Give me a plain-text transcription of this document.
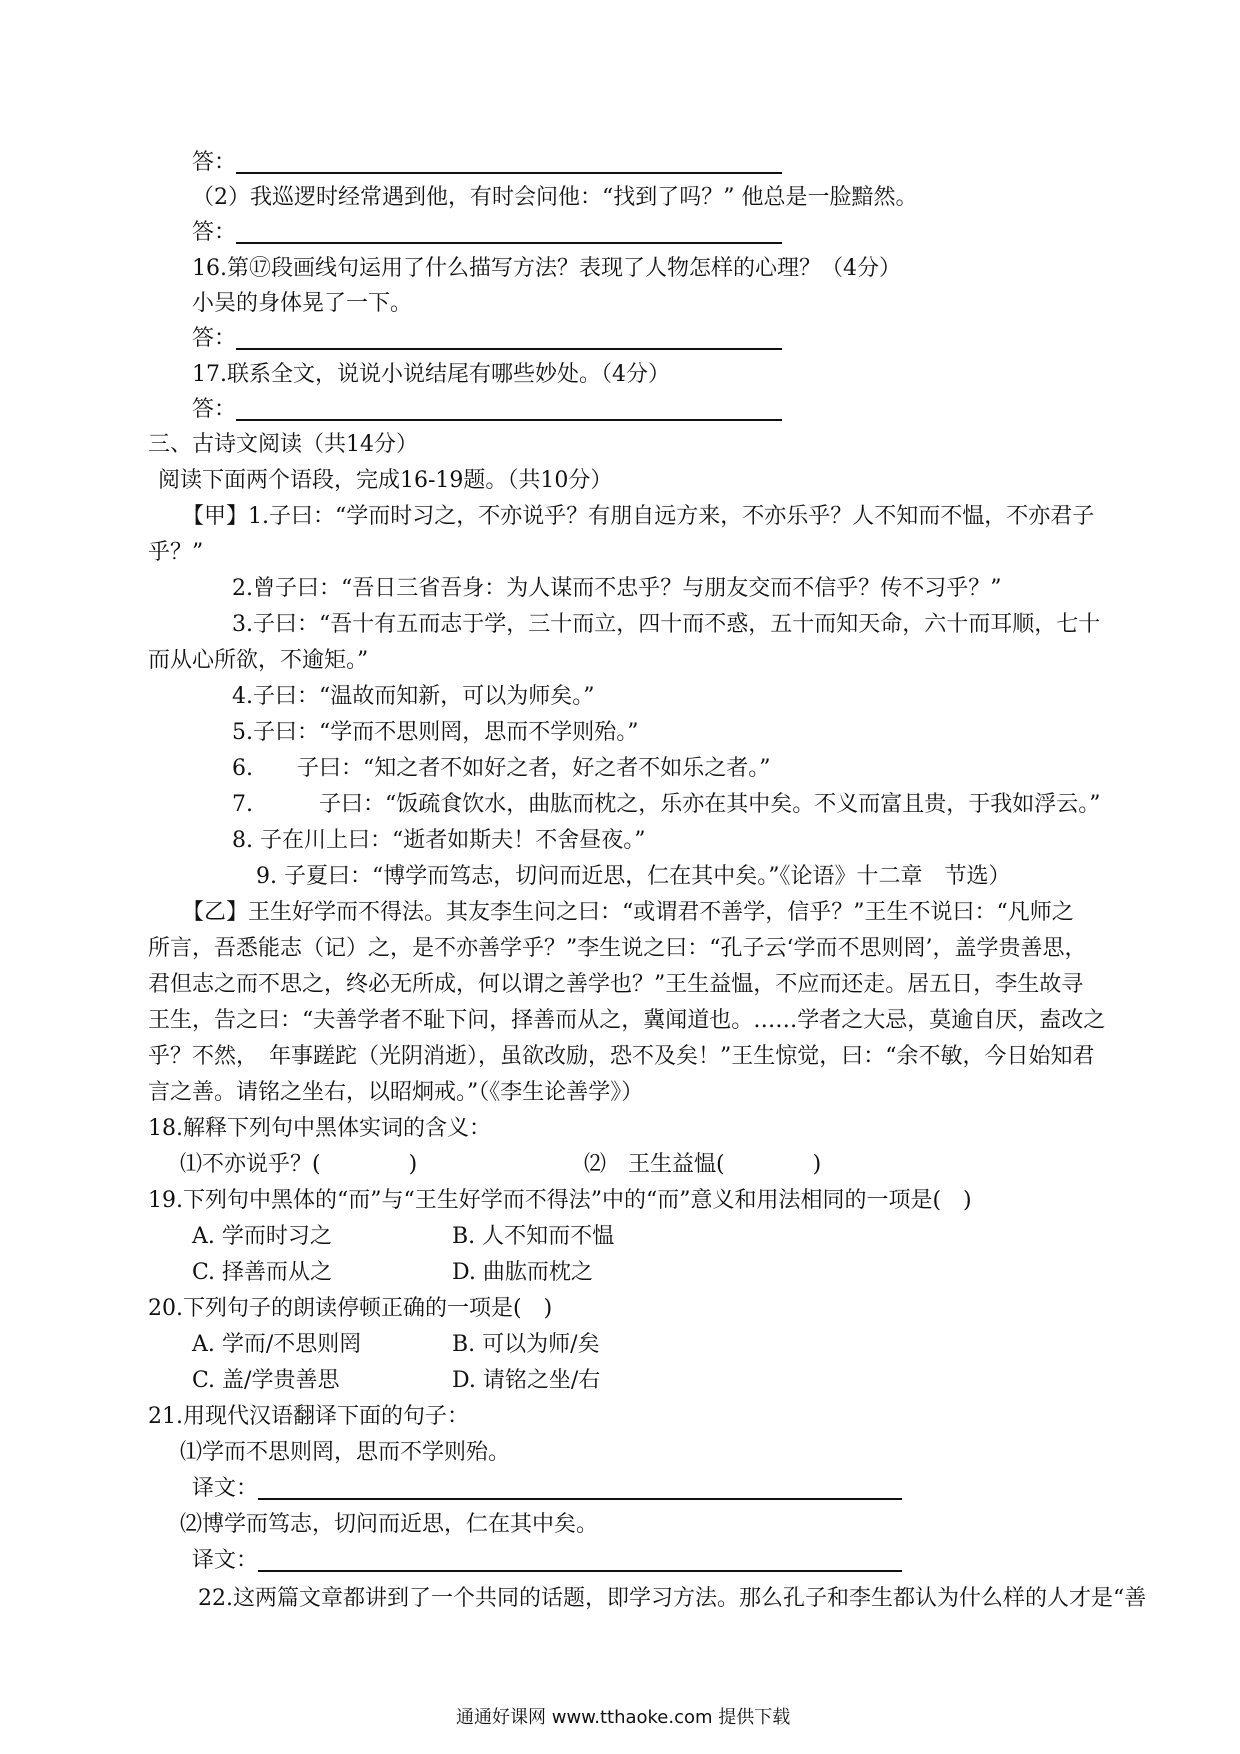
通通好课网 www.tthaoke.com 提供下载
答：
（2）我巡逻时经常遇到他，有时会问他：“找到了吗？” 他总是一脸黯然。
答：
16.第⑰段画线句运用了什么描写方法？表现了人物怎样的心理？（4分）
小吴的身体晃了一下。
答：
17.联系全文，说说小说结尾有哪些妙处。（4分）
答：
三、古诗文阅读（共14分）
阅读下面两个语段，完成16-19题。（共10分）
【甲】1.子曰：“学而时习之，不亦说乎？有朋自远方来，不亦乐乎？人不知而不愠，不亦君子
乎？”
2.曾子曰：“吾日三省吾身：为人谋而不忠乎？与朋友交而不信乎？传不习乎？”
3.子曰：“吾十有五而志于学，三十而立，四十而不惑，五十而知天命，六十而耳顺，七十
而从心所欲，不逾矩。”
4.子曰：“温故而知新，可以为师矣。”
5.子曰：“学而不思则罔，思而不学则殆。”
6.　　子曰：“知之者不如好之者，好之者不如乐之者。”
7.　　　子曰：“饭疏食饮水，曲肱而枕之，乐亦在其中矣。不义而富且贵，于我如浮云。”
8. 子在川上曰：“逝者如斯夫！不舍昼夜。”
9. 子夏曰：“博学而笃志，切问而近思，仁在其中矣。”《论语》十二章　节选）
【乙】王生好学而不得法。其友李生问之曰：“或谓君不善学，信乎？”王生不说曰：“凡师之
所言，吾悉能志（记）之，是不亦善学乎？”李生说之曰：“孔子云‘学而不思则罔’，盖学贵善思，
君但志之而不思之，终必无所成，何以谓之善学也？”王生益愠，不应而还走。居五日，李生故寻
王生，告之曰：“夫善学者不耻下问，择善而从之，冀闻道也。……学者之大忌，莫逾自厌，盍改之
乎？不然，　年事蹉跎（光阴消逝），虽欲改励，恐不及矣！”王生惊觉，曰：“余不敏，今日始知君
言之善。请铭之坐右，以昭炯戒。”（《李生论善学》）
18.解释下列句中黑体实词的含义：
⑴不亦说乎？(　　　　)	⑵　王生益愠(　　　　)
19.下列句中黑体的“而”与“王生好学而不得法”中的“而”意义和用法相同的一项是(　)
A. 学而时习之	B. 人不知而不愠
C. 择善而从之	D. 曲肱而枕之
20.下列句子的朗读停顿正确的一项是(　)
A. 学而/不思则罔	B. 可以为师/矣
C. 盖/学贵善思	D. 请铭之坐/右
21.用现代汉语翻译下面的句子：
⑴学而不思则罔，思而不学则殆。
译文：
⑵博学而笃志，切问而近思，仁在其中矣。
译文：
22.这两篇文章都讲到了一个共同的话题，即学习方法。那么孔子和李生都认为什么样的人才是“善
